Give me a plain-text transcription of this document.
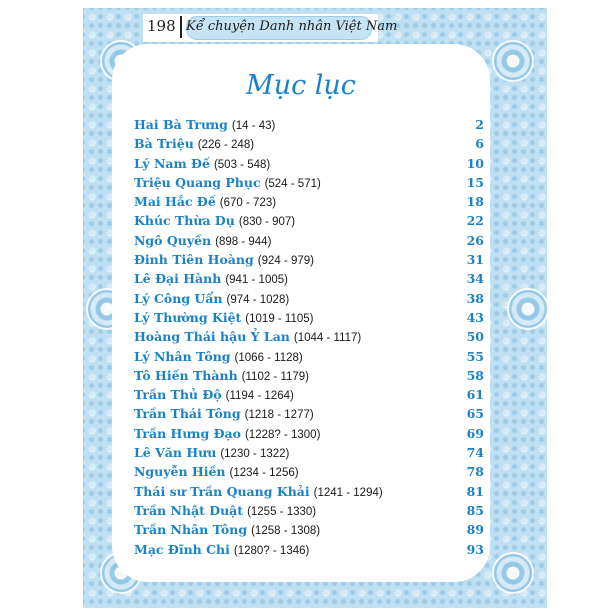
198 Kể chuyện Danh nhân Việt Nam
Mục lục
Hai Bà Trưng (14 - 43)	2
Bà Triệu (226 - 248)	6
Lý Nam Đế (503 - 548)	10
Triệu Quang Phục (524 - 571)	15
Mai Hắc Đế (670 - 723)	18
Khúc Thừa Dụ (830 - 907)	22
Ngô Quyền (898 - 944)	26
Đinh Tiên Hoàng (924 - 979)	31
Lê Đại Hành (941 - 1005)	34
Lý Công Uẩn (974 - 1028)	38
Lý Thường Kiệt (1019 - 1105)	43
Hoàng Thái hậu Ỷ Lan (1044 - 1117)	50
Lý Nhân Tông (1066 - 1128)	55
Tô Hiến Thành (1102 - 1179)	58
Trần Thủ Độ (1194 - 1264)	61
Trần Thái Tông (1218 - 1277)	65
Trần Hưng Đạo (1228? - 1300)	69
Lê Văn Hưu (1230 - 1322)	74
Nguyễn Hiền (1234 - 1256)	78
Thái sư Trần Quang Khải (1241 - 1294)	81
Trần Nhật Duật (1255 - 1330)	85
Trần Nhân Tông (1258 - 1308)	89
Mạc Đĩnh Chi (1280? - 1346)	93
